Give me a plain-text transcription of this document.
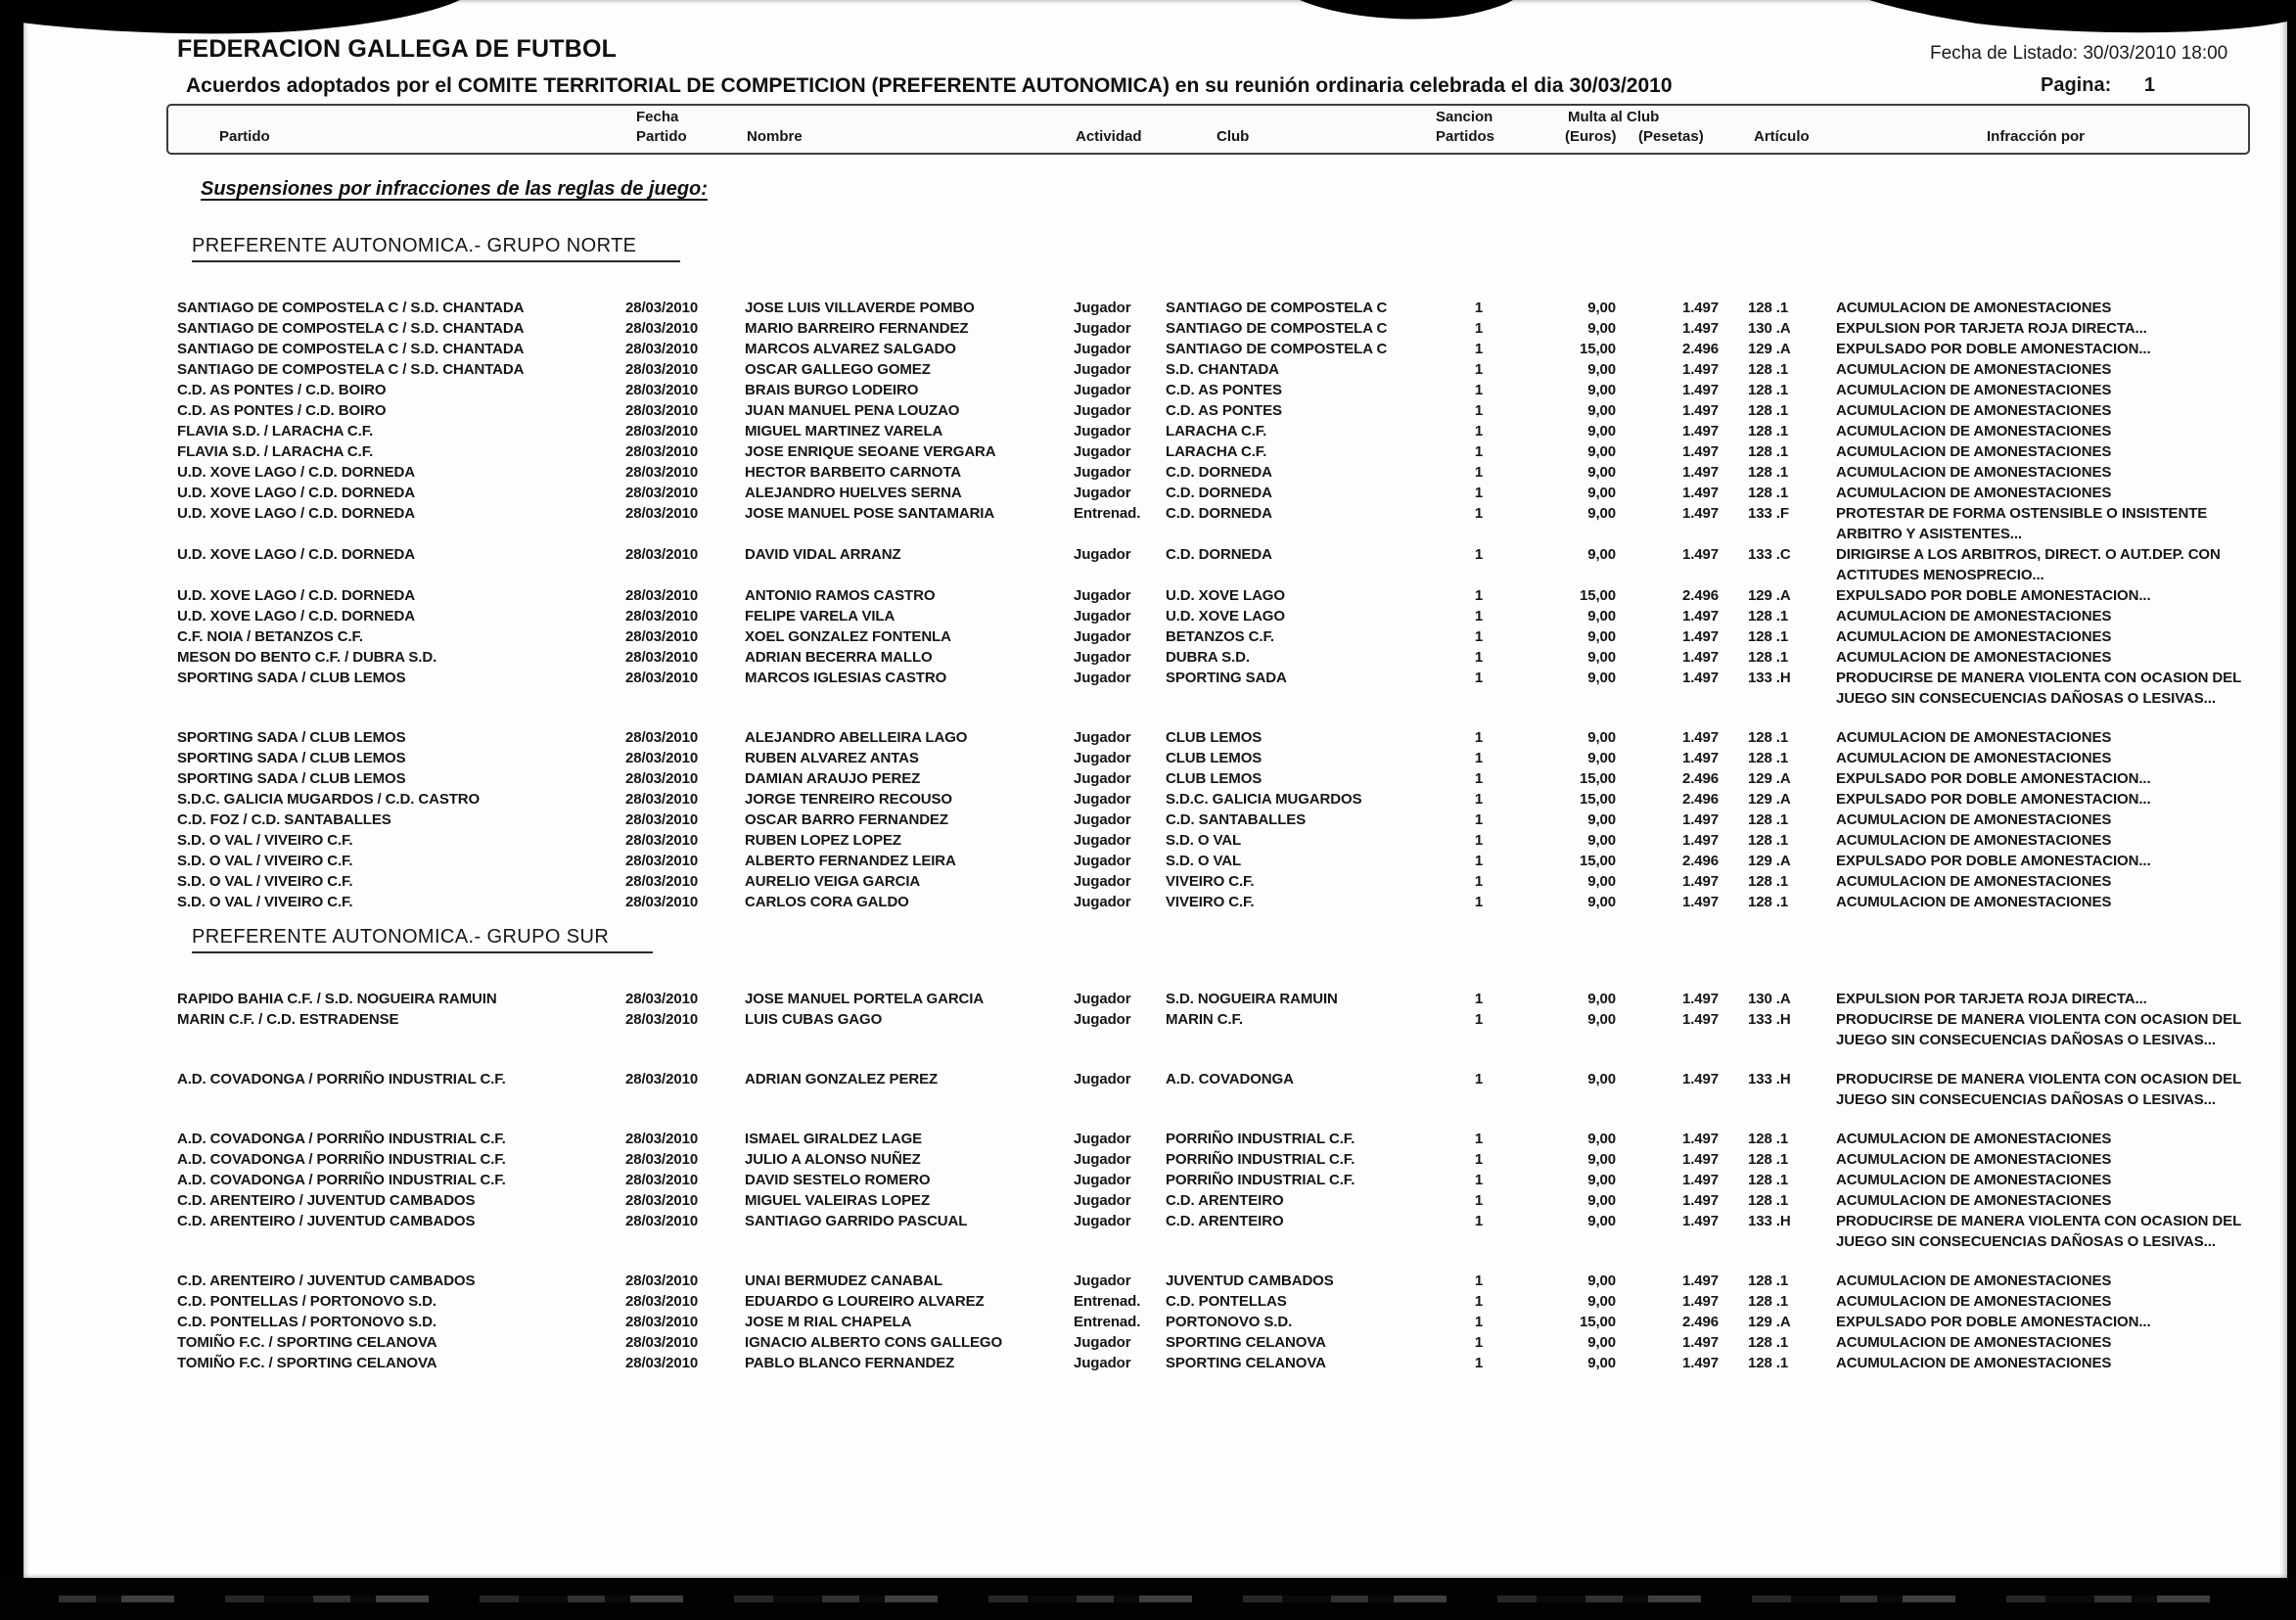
FEDERACION GALLEGA DE FUTBOL	Fecha de Listado: 30/03/2010 18:00
Acuerdos adoptados por el COMITE TERRITORIAL DE COMPETICION (PREFERENTE AUTONOMICA) en su reunión ordinaria celebrada el dia 30/03/2010	Pagina: 1
Fecha	Sancion	Multa al Club
Partido	Partido	Nombre	Actividad	Club	Partidos	(Euros) (Pesetas)	Artículo	Infracción por
Suspensiones por infracciones de las reglas de juego:
PREFERENTE AUTONOMICA.- GRUPO NORTE
SANTIAGO DE COMPOSTELA C / S.D. CHANTADA	28/03/2010	JOSE LUIS VILLAVERDE POMBO	Jugador	SANTIAGO DE COMPOSTELA C	1	9,00	1.497 128 .1	ACUMULACION DE AMONESTACIONES
SANTIAGO DE COMPOSTELA C / S.D. CHANTADA	28/03/2010	MARIO BARREIRO FERNANDEZ	Jugador	SANTIAGO DE COMPOSTELA C	1	9,00	1.497 130 .A	EXPULSION POR TARJETA ROJA DIRECTA...
SANTIAGO DE COMPOSTELA C / S.D. CHANTADA	28/03/2010	MARCOS ALVAREZ SALGADO	Jugador	SANTIAGO DE COMPOSTELA C	1	15,00	2.496 129 .A	EXPULSADO POR DOBLE AMONESTACION...
SANTIAGO DE COMPOSTELA C / S.D. CHANTADA	28/03/2010	OSCAR GALLEGO GOMEZ	Jugador	S.D. CHANTADA	1	9,00	1.497 128 .1	ACUMULACION DE AMONESTACIONES
C.D. AS PONTES / C.D. BOIRO	28/03/2010	BRAIS BURGO LODEIRO	Jugador	C.D. AS PONTES	1	9,00	1.497 128 .1	ACUMULACION DE AMONESTACIONES
C.D. AS PONTES / C.D. BOIRO	28/03/2010	JUAN MANUEL PENA LOUZAO	Jugador	C.D. AS PONTES	1	9,00	1.497 128 .1	ACUMULACION DE AMONESTACIONES
FLAVIA S.D. / LARACHA C.F.	28/03/2010	MIGUEL MARTINEZ VARELA	Jugador	LARACHA C.F.	1	9,00	1.497 128 .1	ACUMULACION DE AMONESTACIONES
FLAVIA S.D. / LARACHA C.F.	28/03/2010	JOSE ENRIQUE SEOANE VERGARA	Jugador	LARACHA C.F.	1	9,00	1.497 128 .1	ACUMULACION DE AMONESTACIONES
U.D. XOVE LAGO / C.D. DORNEDA	28/03/2010	HECTOR BARBEITO CARNOTA	Jugador	C.D. DORNEDA	1	9,00	1.497 128 .1	ACUMULACION DE AMONESTACIONES
U.D. XOVE LAGO / C.D. DORNEDA	28/03/2010	ALEJANDRO HUELVES SERNA	Jugador	C.D. DORNEDA	1	9,00	1.497 128 .1	ACUMULACION DE AMONESTACIONES
U.D. XOVE LAGO / C.D. DORNEDA	28/03/2010	JOSE MANUEL POSE SANTAMARIA	Entrenad.	C.D. DORNEDA	1	9,00	1.497 133 .F	PROTESTAR DE FORMA OSTENSIBLE O INSISTENTE ARBITRO Y ASISTENTES...
U.D. XOVE LAGO / C.D. DORNEDA	28/03/2010	DAVID VIDAL ARRANZ	Jugador	C.D. DORNEDA	1	9,00	1.497 133 .C	DIRIGIRSE A LOS ARBITROS, DIRECT. O AUT.DEP. CON ACTITUDES MENOSPRECIO...
U.D. XOVE LAGO / C.D. DORNEDA	28/03/2010	ANTONIO RAMOS CASTRO	Jugador	U.D. XOVE LAGO	1	15,00	2.496 129 .A	EXPULSADO POR DOBLE AMONESTACION...
U.D. XOVE LAGO / C.D. DORNEDA	28/03/2010	FELIPE VARELA VILA	Jugador	U.D. XOVE LAGO	1	9,00	1.497 128 .1	ACUMULACION DE AMONESTACIONES
C.F. NOIA / BETANZOS C.F.	28/03/2010	XOEL GONZALEZ FONTENLA	Jugador	BETANZOS C.F.	1	9,00	1.497 128 .1	ACUMULACION DE AMONESTACIONES
MESON DO BENTO C.F. / DUBRA S.D.	28/03/2010	ADRIAN BECERRA MALLO	Jugador	DUBRA S.D.	1	9,00	1.497 128 .1	ACUMULACION DE AMONESTACIONES
SPORTING SADA / CLUB LEMOS	28/03/2010	MARCOS IGLESIAS CASTRO	Jugador	SPORTING SADA	1	9,00	1.497 133 .H	PRODUCIRSE DE MANERA VIOLENTA CON OCASION DEL JUEGO SIN CONSECUENCIAS DAÑOSAS O LESIVAS...
SPORTING SADA / CLUB LEMOS	28/03/2010	ALEJANDRO ABELLEIRA LAGO	Jugador	CLUB LEMOS	1	9,00	1.497 128 .1	ACUMULACION DE AMONESTACIONES
SPORTING SADA / CLUB LEMOS	28/03/2010	RUBEN ALVAREZ ANTAS	Jugador	CLUB LEMOS	1	9,00	1.497 128 .1	ACUMULACION DE AMONESTACIONES
SPORTING SADA / CLUB LEMOS	28/03/2010	DAMIAN ARAUJO PEREZ	Jugador	CLUB LEMOS	1	15,00	2.496 129 .A	EXPULSADO POR DOBLE AMONESTACION...
S.D.C. GALICIA MUGARDOS / C.D. CASTRO	28/03/2010	JORGE TENREIRO RECOUSO	Jugador	S.D.C. GALICIA MUGARDOS	1	15,00	2.496 129 .A	EXPULSADO POR DOBLE AMONESTACION...
C.D. FOZ / C.D. SANTABALLES	28/03/2010	OSCAR BARRO FERNANDEZ	Jugador	C.D. SANTABALLES	1	9,00	1.497 128 .1	ACUMULACION DE AMONESTACIONES
S.D. O VAL / VIVEIRO C.F.	28/03/2010	RUBEN LOPEZ LOPEZ	Jugador	S.D. O VAL	1	9,00	1.497 128 .1	ACUMULACION DE AMONESTACIONES
S.D. O VAL / VIVEIRO C.F.	28/03/2010	ALBERTO FERNANDEZ LEIRA	Jugador	S.D. O VAL	1	15,00	2.496 129 .A	EXPULSADO POR DOBLE AMONESTACION...
S.D. O VAL / VIVEIRO C.F.	28/03/2010	AURELIO VEIGA GARCIA	Jugador	VIVEIRO C.F.	1	9,00	1.497 128 .1	ACUMULACION DE AMONESTACIONES
S.D. O VAL / VIVEIRO C.F.	28/03/2010	CARLOS CORA GALDO	Jugador	VIVEIRO C.F.	1	9,00	1.497 128 .1	ACUMULACION DE AMONESTACIONES
PREFERENTE AUTONOMICA.- GRUPO SUR
RAPIDO BAHIA C.F. / S.D. NOGUEIRA RAMUIN	28/03/2010	JOSE MANUEL PORTELA GARCIA	Jugador	S.D. NOGUEIRA RAMUIN	1	9,00	1.497 130 .A	EXPULSION POR TARJETA ROJA DIRECTA...
MARIN C.F. / C.D. ESTRADENSE	28/03/2010	LUIS CUBAS GAGO	Jugador	MARIN C.F.	1	9,00	1.497 133 .H	PRODUCIRSE DE MANERA VIOLENTA CON OCASION DEL JUEGO SIN CONSECUENCIAS DAÑOSAS O LESIVAS...
A.D. COVADONGA / PORRIÑO INDUSTRIAL C.F.	28/03/2010	ADRIAN GONZALEZ PEREZ	Jugador	A.D. COVADONGA	1	9,00	1.497 133 .H	PRODUCIRSE DE MANERA VIOLENTA CON OCASION DEL JUEGO SIN CONSECUENCIAS DAÑOSAS O LESIVAS...
A.D. COVADONGA / PORRIÑO INDUSTRIAL C.F.	28/03/2010	ISMAEL GIRALDEZ LAGE	Jugador	PORRIÑO INDUSTRIAL C.F.	1	9,00	1.497 128 .1	ACUMULACION DE AMONESTACIONES
A.D. COVADONGA / PORRIÑO INDUSTRIAL C.F.	28/03/2010	JULIO A ALONSO NUÑEZ	Jugador	PORRIÑO INDUSTRIAL C.F.	1	9,00	1.497 128 .1	ACUMULACION DE AMONESTACIONES
A.D. COVADONGA / PORRIÑO INDUSTRIAL C.F.	28/03/2010	DAVID SESTELO ROMERO	Jugador	PORRIÑO INDUSTRIAL C.F.	1	9,00	1.497 128 .1	ACUMULACION DE AMONESTACIONES
C.D. ARENTEIRO / JUVENTUD CAMBADOS	28/03/2010	MIGUEL VALEIRAS LOPEZ	Jugador	C.D. ARENTEIRO	1	9,00	1.497 128 .1	ACUMULACION DE AMONESTACIONES
C.D. ARENTEIRO / JUVENTUD CAMBADOS	28/03/2010	SANTIAGO GARRIDO PASCUAL	Jugador	C.D. ARENTEIRO	1	9,00	1.497 133 .H	PRODUCIRSE DE MANERA VIOLENTA CON OCASION DEL JUEGO SIN CONSECUENCIAS DAÑOSAS O LESIVAS...
C.D. ARENTEIRO / JUVENTUD CAMBADOS	28/03/2010	UNAI BERMUDEZ CANABAL	Jugador	JUVENTUD CAMBADOS	1	9,00	1.497 128 .1	ACUMULACION DE AMONESTACIONES
C.D. PONTELLAS / PORTONOVO S.D.	28/03/2010	EDUARDO G LOUREIRO ALVAREZ	Entrenad.	C.D. PONTELLAS	1	9,00	1.497 128 .1	ACUMULACION DE AMONESTACIONES
C.D. PONTELLAS / PORTONOVO S.D.	28/03/2010	JOSE M RIAL CHAPELA	Entrenad.	PORTONOVO S.D.	1	15,00	2.496 129 .A	EXPULSADO POR DOBLE AMONESTACION...
TOMIÑO F.C. / SPORTING CELANOVA	28/03/2010	IGNACIO ALBERTO CONS GALLEGO	Jugador	SPORTING CELANOVA	1	9,00	1.497 128 .1	ACUMULACION DE AMONESTACIONES
TOMIÑO F.C. / SPORTING CELANOVA	28/03/2010	PABLO BLANCO FERNANDEZ	Jugador	SPORTING CELANOVA	1	9,00	1.497 128 .1	ACUMULACION DE AMONESTACIONES
